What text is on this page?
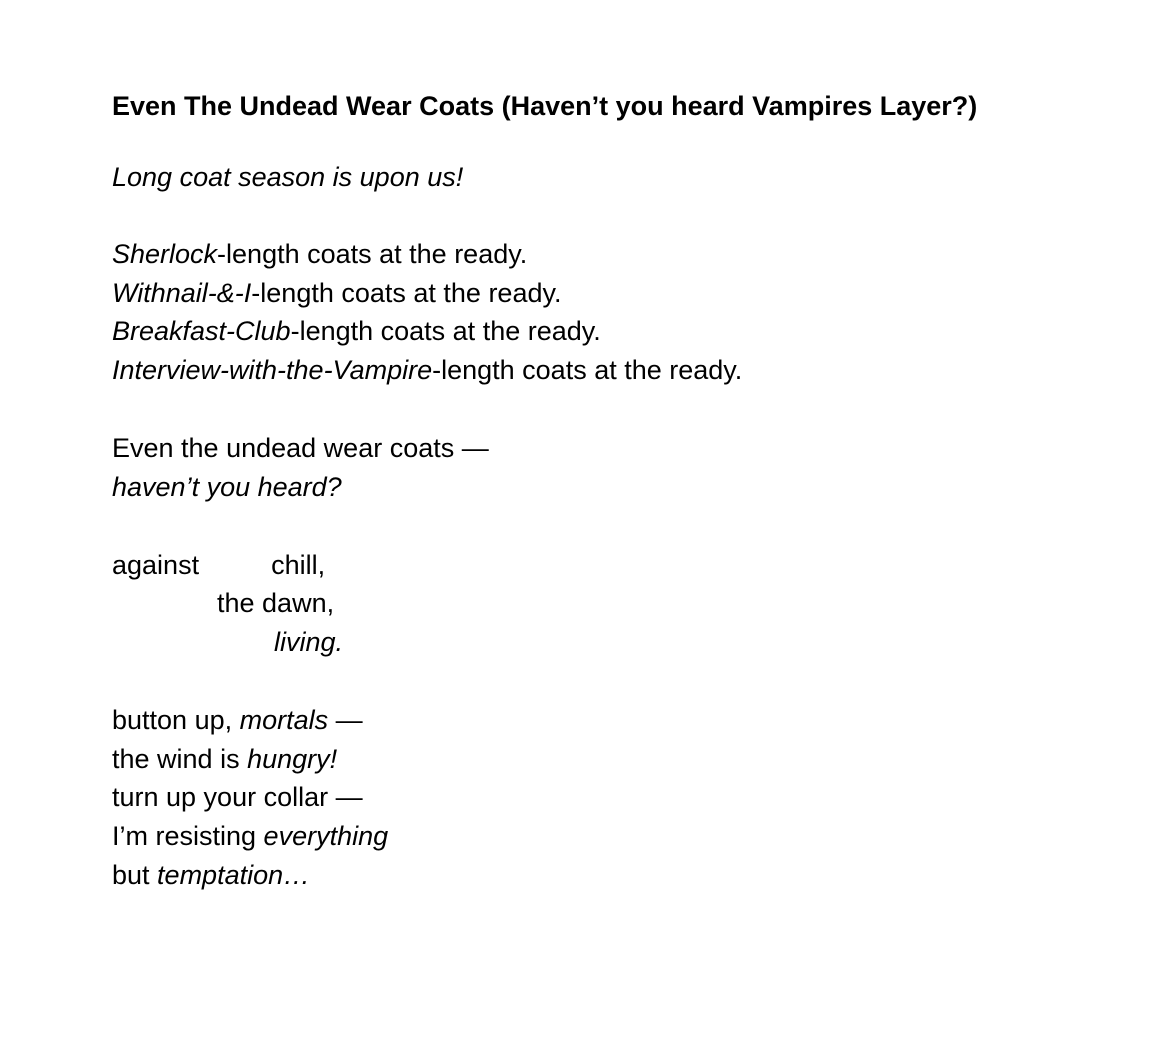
Even The Undead Wear Coats (Haven’t you heard Vampires Layer?)

Long coat season is upon us!

Sherlock-length coats at the ready.

Withnail-&-I-length coats at the ready.

Breakfast-Club-length coats at the ready.

Interview-with-the-Vampire-length coats at the ready.

Even the undead wear coats —

haven’t you heard?

against	chill,

the dawn,

living.

button up, mortals —

the wind is hungry!

turn up your collar —

I’m resisting everything

but temptation…
